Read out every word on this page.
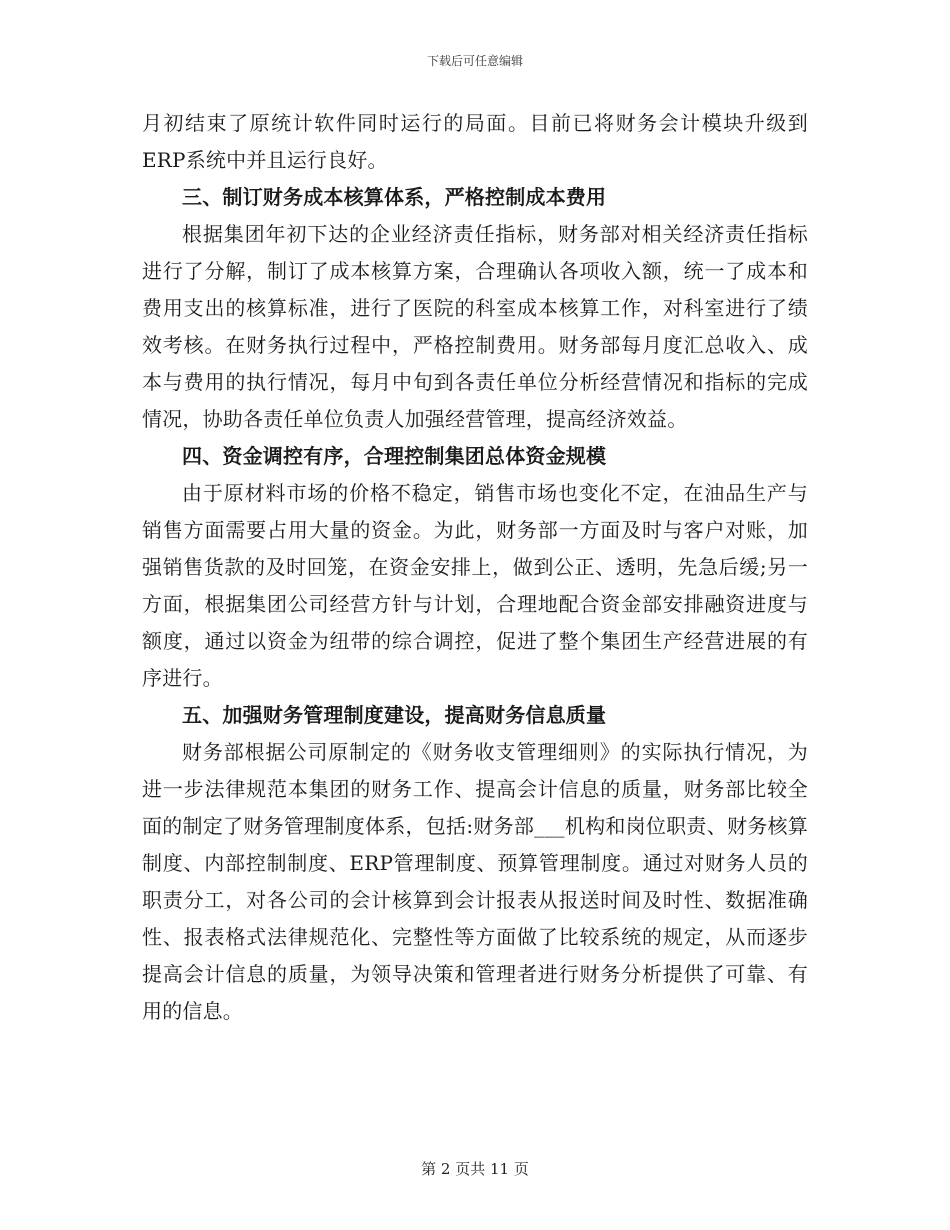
下载后可任意编辑

月初结束了原统计软件同时运行的局面。目前已将财务会计模块升级到ERP系统中并且运行良好。

三、制订财务成本核算体系，严格控制成本费用

根据集团年初下达的企业经济责任指标，财务部对相关经济责任指标进行了分解，制订了成本核算方案，合理确认各项收入额，统一了成本和费用支出的核算标准，进行了医院的科室成本核算工作，对科室进行了绩效考核。在财务执行过程中，严格控制费用。财务部每月度汇总收入、成本与费用的执行情况，每月中旬到各责任单位分析经营情况和指标的完成情况，协助各责任单位负责人加强经营管理，提高经济效益。

四、资金调控有序，合理控制集团总体资金规模

由于原材料市场的价格不稳定，销售市场也变化不定，在油品生产与销售方面需要占用大量的资金。为此，财务部一方面及时与客户对账，加强销售货款的及时回笼，在资金安排上，做到公正、透明，先急后缓;另一方面，根据集团公司经营方针与计划，合理地配合资金部安排融资进度与额度，通过以资金为纽带的综合调控，促进了整个集团生产经营进展的有序进行。

五、加强财务管理制度建设，提高财务信息质量

财务部根据公司原制定的《财务收支管理细则》的实际执行情况，为进一步法律规范本集团的财务工作、提高会计信息的质量，财务部比较全面的制定了财务管理制度体系，包括:财务部___机构和岗位职责、财务核算制度、内部控制制度、ERP管理制度、预算管理制度。通过对财务人员的职责分工，对各公司的会计核算到会计报表从报送时间及时性、数据准确性、报表格式法律规范化、完整性等方面做了比较系统的规定，从而逐步提高会计信息的质量，为领导决策和管理者进行财务分析提供了可靠、有用的信息。

第 2 页共 11 页
